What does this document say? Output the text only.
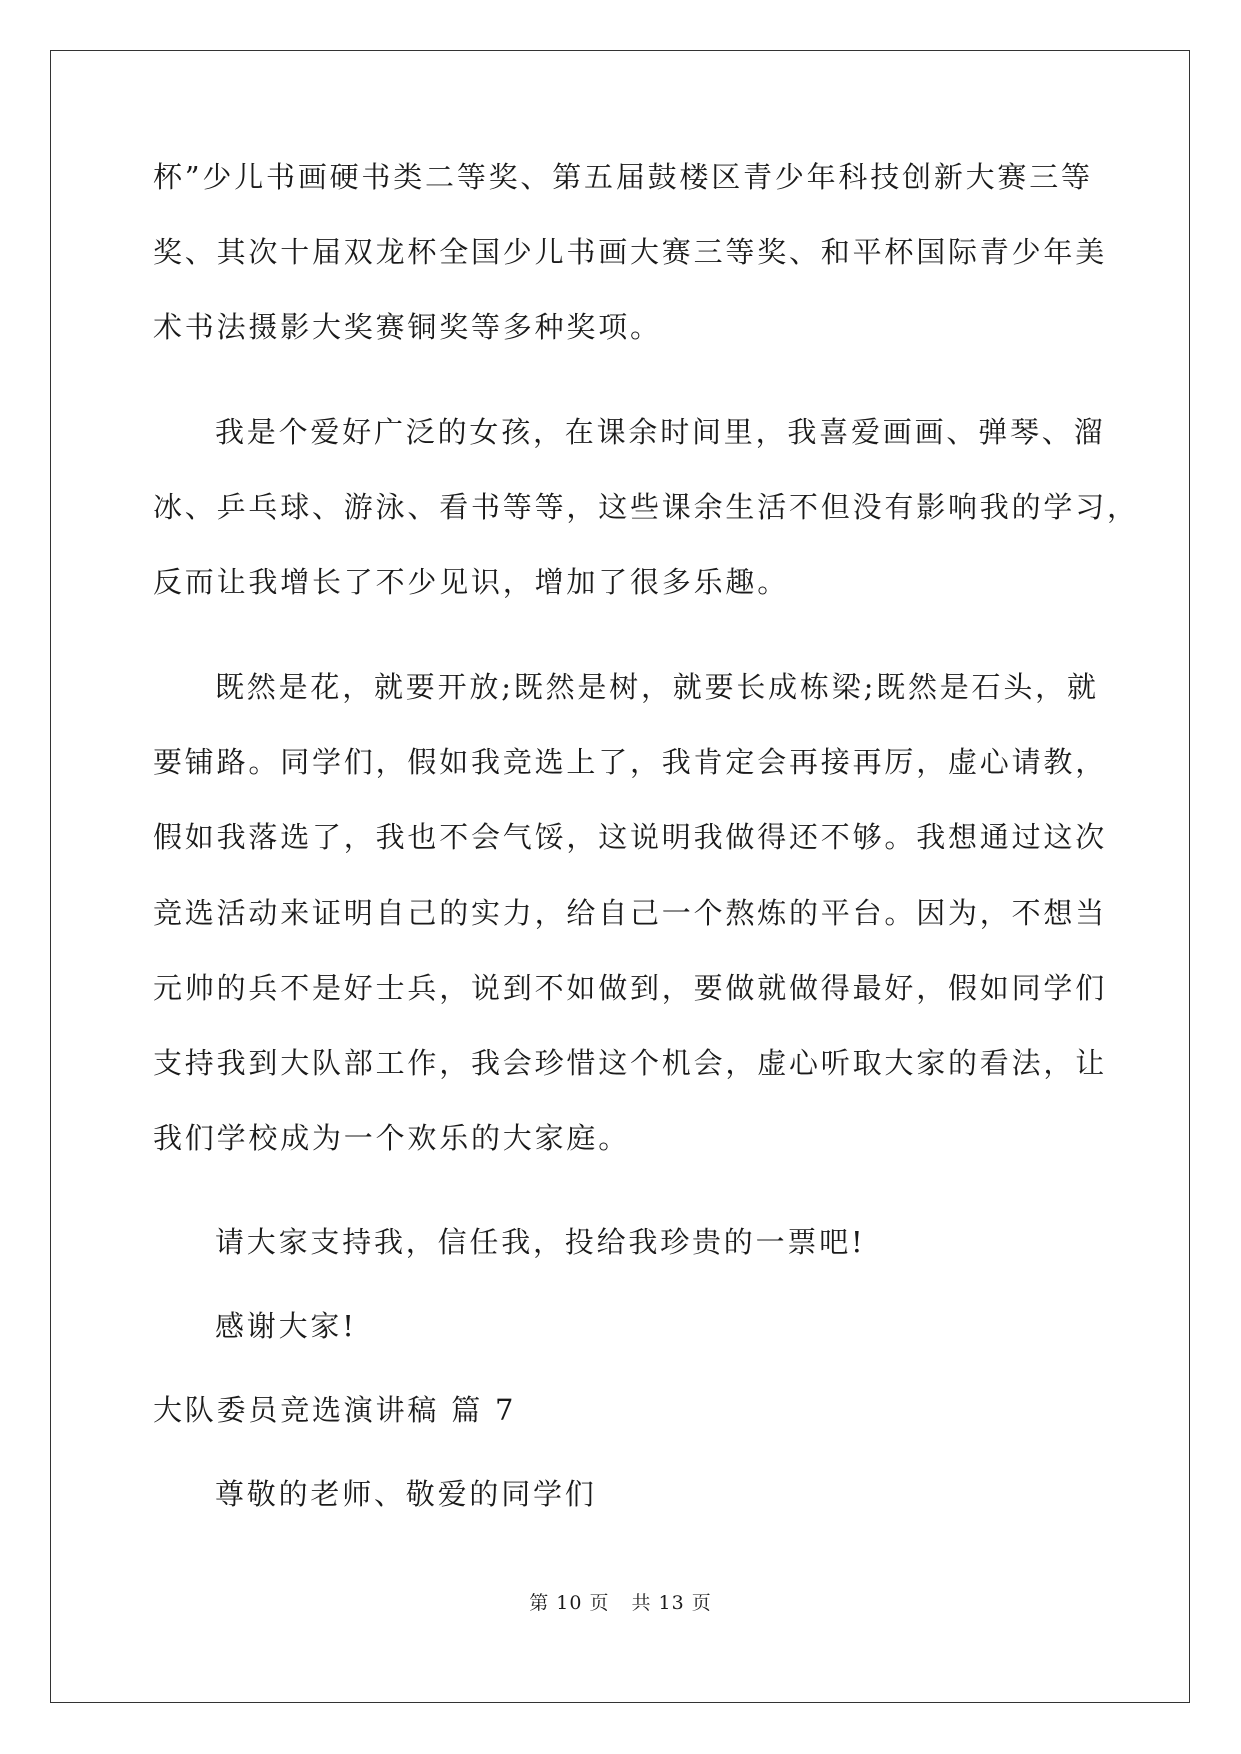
杯”少儿书画硬书类二等奖、第五届鼓楼区青少年科技创新大赛三等
奖、其次十届双龙杯全国少儿书画大赛三等奖、和平杯国际青少年美
术书法摄影大奖赛铜奖等多种奖项。
我是个爱好广泛的女孩，在课余时间里，我喜爱画画、弹琴、溜
冰、乒乓球、游泳、看书等等，这些课余生活不但没有影响我的学习，
反而让我增长了不少见识，增加了很多乐趣。
既然是花，就要开放;既然是树，就要长成栋梁;既然是石头，就
要铺路。同学们，假如我竞选上了，我肯定会再接再厉，虚心请教，
假如我落选了，我也不会气馁，这说明我做得还不够。我想通过这次
竞选活动来证明自己的实力，给自己一个熬炼的平台。因为，不想当
元帅的兵不是好士兵，说到不如做到，要做就做得最好，假如同学们
支持我到大队部工作，我会珍惜这个机会，虚心听取大家的看法，让
我们学校成为一个欢乐的大家庭。
请大家支持我，信任我，投给我珍贵的一票吧!
感谢大家!
大队委员竞选演讲稿 篇 7
尊敬的老师、敬爱的同学们
第 10 页 共 13 页
